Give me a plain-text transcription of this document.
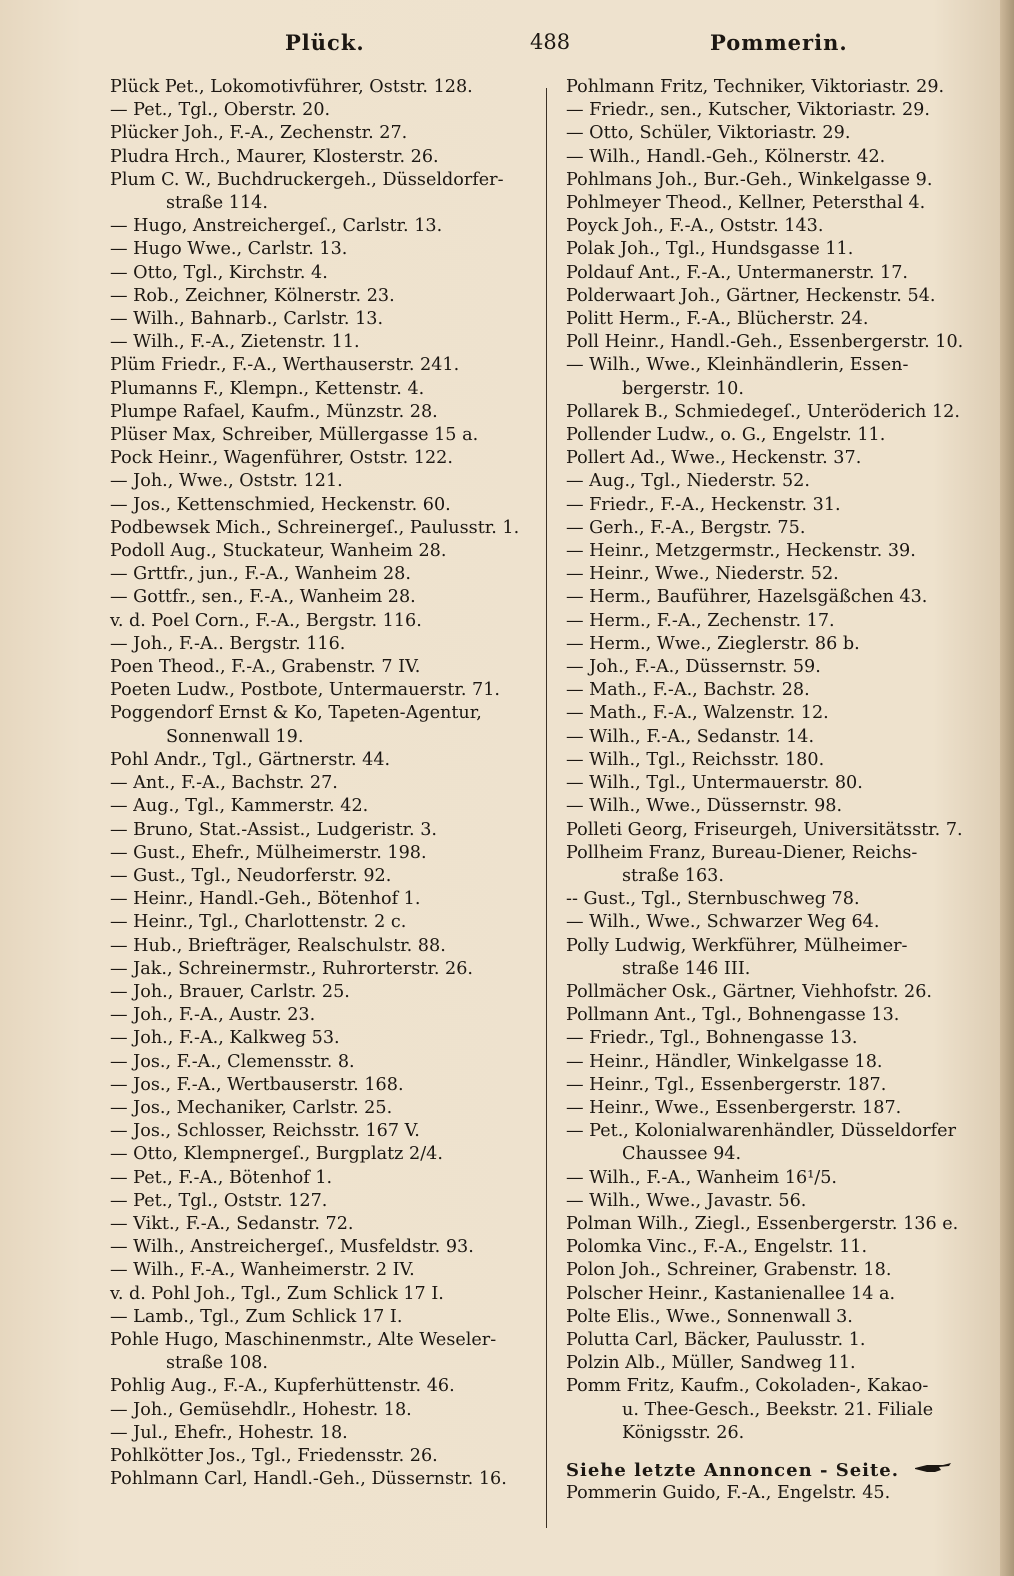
Plück.	488	Pommerin.
Plück Pet., Lokomotivführer, Oststr. 128.
— Pet., Tgl., Oberstr. 20.
Plücker Joh., F.-A., Zechenstr. 27.
Pludra Hrch., Maurer, Klosterstr. 26.
Plum C. W., Buchdruckergeh., Düsseldorfer-
straße 114.
— Hugo, Anstreichergeſ., Carlstr. 13.
— Hugo Wwe., Carlstr. 13.
— Otto, Tgl., Kirchstr. 4.
— Rob., Zeichner, Kölnerstr. 23.
— Wilh., Bahnarb., Carlstr. 13.
— Wilh., F.-A., Zietenstr. 11.
Plüm Friedr., F.-A., Werthauserstr. 241.
Plumanns F., Klempn., Kettenstr. 4.
Plumpe Rafael, Kaufm., Münzstr. 28.
Plüser Max, Schreiber, Müllergasse 15 a.
Pock Heinr., Wagenführer, Oststr. 122.
— Joh., Wwe., Oststr. 121.
— Jos., Kettenschmied, Heckenstr. 60.
Podbewsek Mich., Schreinergeſ., Paulusstr. 1.
Podoll Aug., Stuckateur, Wanheim 28.
— Grttfr., jun., F.-A., Wanheim 28.
— Gottfr., sen., F.-A., Wanheim 28.
v. d. Poel Corn., F.-A., Bergstr. 116.
— Joh., F.-A.. Bergstr. 116.
Poen Theod., F.-A., Grabenstr. 7 IV.
Poeten Ludw., Postbote, Untermauerstr. 71.
Poggendorf Ernst & Ko, Tapeten-Agentur,
Sonnenwall 19.
Pohl Andr., Tgl., Gärtnerstr. 44.
— Ant., F.-A., Bachstr. 27.
— Aug., Tgl., Kammerstr. 42.
— Bruno, Stat.-Assist., Ludgeristr. 3.
— Gust., Ehefr., Mülheimerstr. 198.
— Gust., Tgl., Neudorferstr. 92.
— Heinr., Handl.-Geh., Bötenhof 1.
— Heinr., Tgl., Charlottenstr. 2 c.
— Hub., Briefträger, Realschulstr. 88.
— Jak., Schreinermstr., Ruhrorterstr. 26.
— Joh., Brauer, Carlstr. 25.
— Joh., F.-A., Austr. 23.
— Joh., F.-A., Kalkweg 53.
— Jos., F.-A., Clemensstr. 8.
— Jos., F.-A., Wertbauserstr. 168.
— Jos., Mechaniker, Carlstr. 25.
— Jos., Schlosser, Reichsstr. 167 V.
— Otto, Klempnergeſ., Burgplatz 2/4.
— Pet., F.-A., Bötenhof 1.
— Pet., Tgl., Oststr. 127.
— Vikt., F.-A., Sedanstr. 72.
— Wilh., Anstreichergeſ., Musfeldstr. 93.
— Wilh., F.-A., Wanheimerstr. 2 IV.
v. d. Pohl Joh., Tgl., Zum Schlick 17 I.
— Lamb., Tgl., Zum Schlick 17 I.
Pohle Hugo, Maschinenmstr., Alte Weseler-
straße 108.
Pohlig Aug., F.-A., Kupferhüttenstr. 46.
— Joh., Gemüsehdlr., Hohestr. 18.
— Jul., Ehefr., Hohestr. 18.
Pohlkötter Jos., Tgl., Friedensstr. 26.
Pohlmann Carl, Handl.-Geh., Düssernstr. 16.
Pohlmann Fritz, Techniker, Viktoriastr. 29.
— Friedr., sen., Kutscher, Viktoriastr. 29.
— Otto, Schüler, Viktoriastr. 29.
— Wilh., Handl.-Geh., Kölnerstr. 42.
Pohlmans Joh., Bur.-Geh., Winkelgasse 9.
Pohlmeyer Theod., Kellner, Petersthal 4.
Poyck Joh., F.-A., Oststr. 143.
Polak Joh., Tgl., Hundsgasse 11.
Poldauf Ant., F.-A., Untermanerstr. 17.
Polderwaart Joh., Gärtner, Heckenstr. 54.
Politt Herm., F.-A., Blücherstr. 24.
Poll Heinr., Handl.-Geh., Essenbergerstr. 10.
— Wilh., Wwe., Kleinhändlerin, Essen-
bergerstr. 10.
Pollarek B., Schmiedegeſ., Unteröderich 12.
Pollender Ludw., o. G., Engelstr. 11.
Pollert Ad., Wwe., Heckenstr. 37.
— Aug., Tgl., Niederstr. 52.
— Friedr., F.-A., Heckenstr. 31.
— Gerh., F.-A., Bergstr. 75.
— Heinr., Metzgermstr., Heckenstr. 39.
— Heinr., Wwe., Niederstr. 52.
— Herm., Bauführer, Hazelsgäßchen 43.
— Herm., F.-A., Zechenstr. 17.
— Herm., Wwe., Zieglerstr. 86 b.
— Joh., F.-A., Düssernstr. 59.
— Math., F.-A., Bachstr. 28.
— Math., F.-A., Walzenstr. 12.
— Wilh., F.-A., Sedanstr. 14.
— Wilh., Tgl., Reichsstr. 180.
— Wilh., Tgl., Untermauerstr. 80.
— Wilh., Wwe., Düssernstr. 98.
Polleti Georg, Friseurgeh, Universitätsstr. 7.
Pollheim Franz, Bureau-Diener, Reichs-
straße 163.
-- Gust., Tgl., Sternbuschweg 78.
— Wilh., Wwe., Schwarzer Weg 64.
Polly Ludwig, Werkführer, Mülheimer-
straße 146 III.
Pollmächer Osk., Gärtner, Viehhofstr. 26.
Pollmann Ant., Tgl., Bohnengasse 13.
— Friedr., Tgl., Bohnengasse 13.
— Heinr., Händler, Winkelgasse 18.
— Heinr., Tgl., Essenbergerstr. 187.
— Heinr., Wwe., Essenbergerstr. 187.
— Pet., Kolonialwarenhändler, Düsseldorfer
Chaussee 94.
— Wilh., F.-A., Wanheim 16¹/5.
— Wilh., Wwe., Javastr. 56.
Polman Wilh., Ziegl., Essenbergerstr. 136 e.
Polomka Vinc., F.-A., Engelstr. 11.
Polon Joh., Schreiner, Grabenstr. 18.
Polscher Heinr., Kastanienallee 14 a.
Polte Elis., Wwe., Sonnenwall 3.
Polutta Carl, Bäcker, Paulusstr. 1.
Polzin Alb., Müller, Sandweg 11.
Pomm Fritz, Kaufm., Cokoladen-, Kakao-
u. Thee-Gesch., Beekstr. 21. Filiale
Königsstr. 26.
Siehe letzte Annoncen - Seite.
Pommerin Guido, F.-A., Engelstr. 45.
